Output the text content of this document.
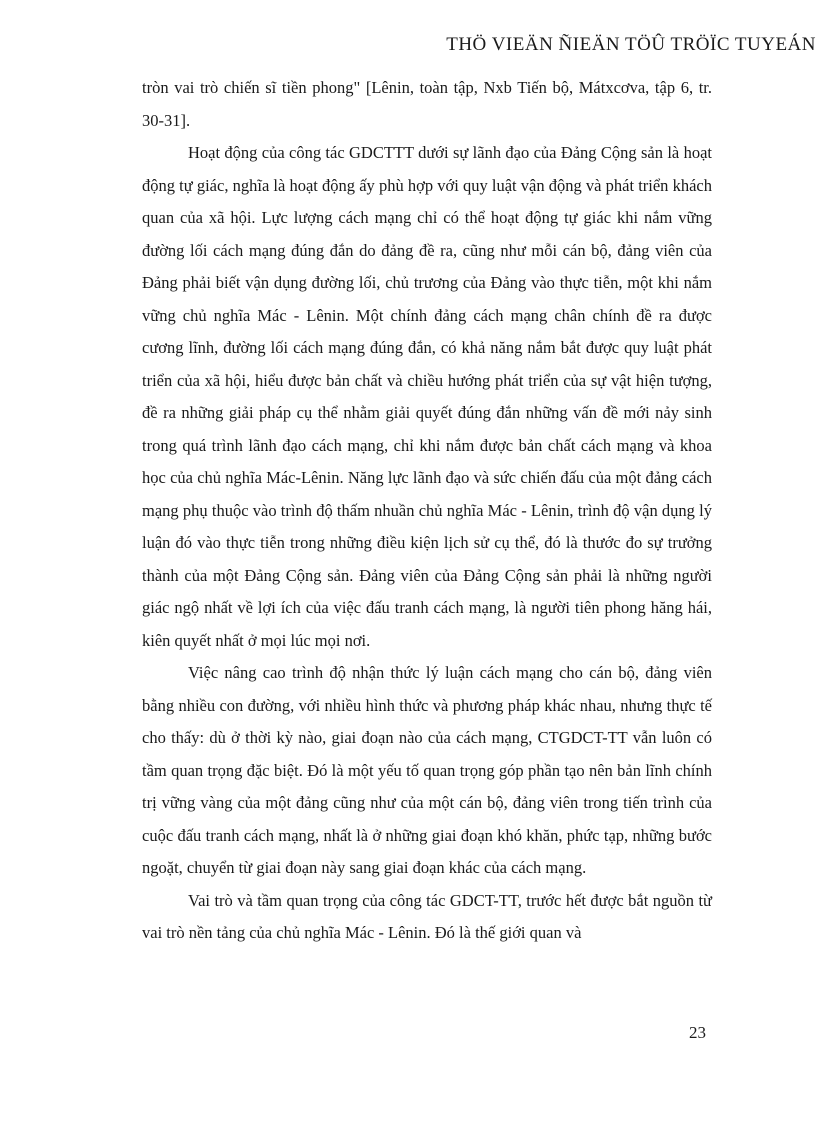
THÖ VIEÄN ÑIEÄN TÖÛ TRÖÏC TUYEÁN

tròn vai trò chiến sĩ tiền phong" [Lênin, toàn tập, Nxb Tiến bộ, Mátxcơva, tập 6, tr. 30-31].

Hoạt động của công tác GDCTTT dưới sự lãnh đạo của Đảng Cộng sản là hoạt động tự giác, nghĩa là hoạt động ấy phù hợp với quy luật vận động và phát triển khách quan của xã hội. Lực lượng cách mạng chỉ có thể hoạt động tự giác khi nắm vững đường lối cách mạng đúng đắn do đảng đề ra, cũng như mỗi cán bộ, đảng viên của Đảng phải biết vận dụng đường lối, chủ trương của Đảng vào thực tiễn, một khi nắm vững chủ nghĩa Mác - Lênin. Một chính đảng cách mạng chân chính đề ra được cương lĩnh, đường lối cách mạng đúng đắn, có khả năng nắm bắt được quy luật phát triển của xã hội, hiểu được bản chất và chiều hướng phát triển của sự vật hiện tượng, đề ra những giải pháp cụ thể nhằm giải quyết đúng đắn những vấn đề mới nảy sinh trong quá trình lãnh đạo cách mạng, chỉ khi nắm được bản chất cách mạng và khoa học của chủ nghĩa Mác-Lênin. Năng lực lãnh đạo và sức chiến đấu của một đảng cách mạng phụ thuộc vào trình độ thấm nhuần chủ nghĩa Mác - Lênin, trình độ vận dụng lý luận đó vào thực tiễn trong những điều kiện lịch sử cụ thể, đó là thước đo sự trưởng thành của một Đảng Cộng sản. Đảng viên của Đảng Cộng sản phải là những người giác ngộ nhất về lợi ích của việc đấu tranh cách mạng, là người tiên phong hăng hái, kiên quyết nhất ở mọi lúc mọi nơi.

Việc nâng cao trình độ nhận thức lý luận cách mạng cho cán bộ, đảng viên bằng nhiều con đường, với nhiều hình thức và phương pháp khác nhau, nhưng thực tế cho thấy: dù ở thời kỳ nào, giai đoạn nào của cách mạng, CTGDCT-TT vẫn luôn có tầm quan trọng đặc biệt. Đó là một yếu tố quan trọng góp phần tạo nên bản lĩnh chính trị vững vàng của một đảng cũng như của một cán bộ, đảng viên trong tiến trình của cuộc đấu tranh cách mạng, nhất là ở những giai đoạn khó khăn, phức tạp, những bước ngoặt, chuyển từ giai đoạn này sang giai đoạn khác của cách mạng.

Vai trò và tầm quan trọng của công tác GDCT-TT, trước hết được bắt nguồn từ vai trò nền tảng của chủ nghĩa Mác - Lênin. Đó là thế giới quan và

23
